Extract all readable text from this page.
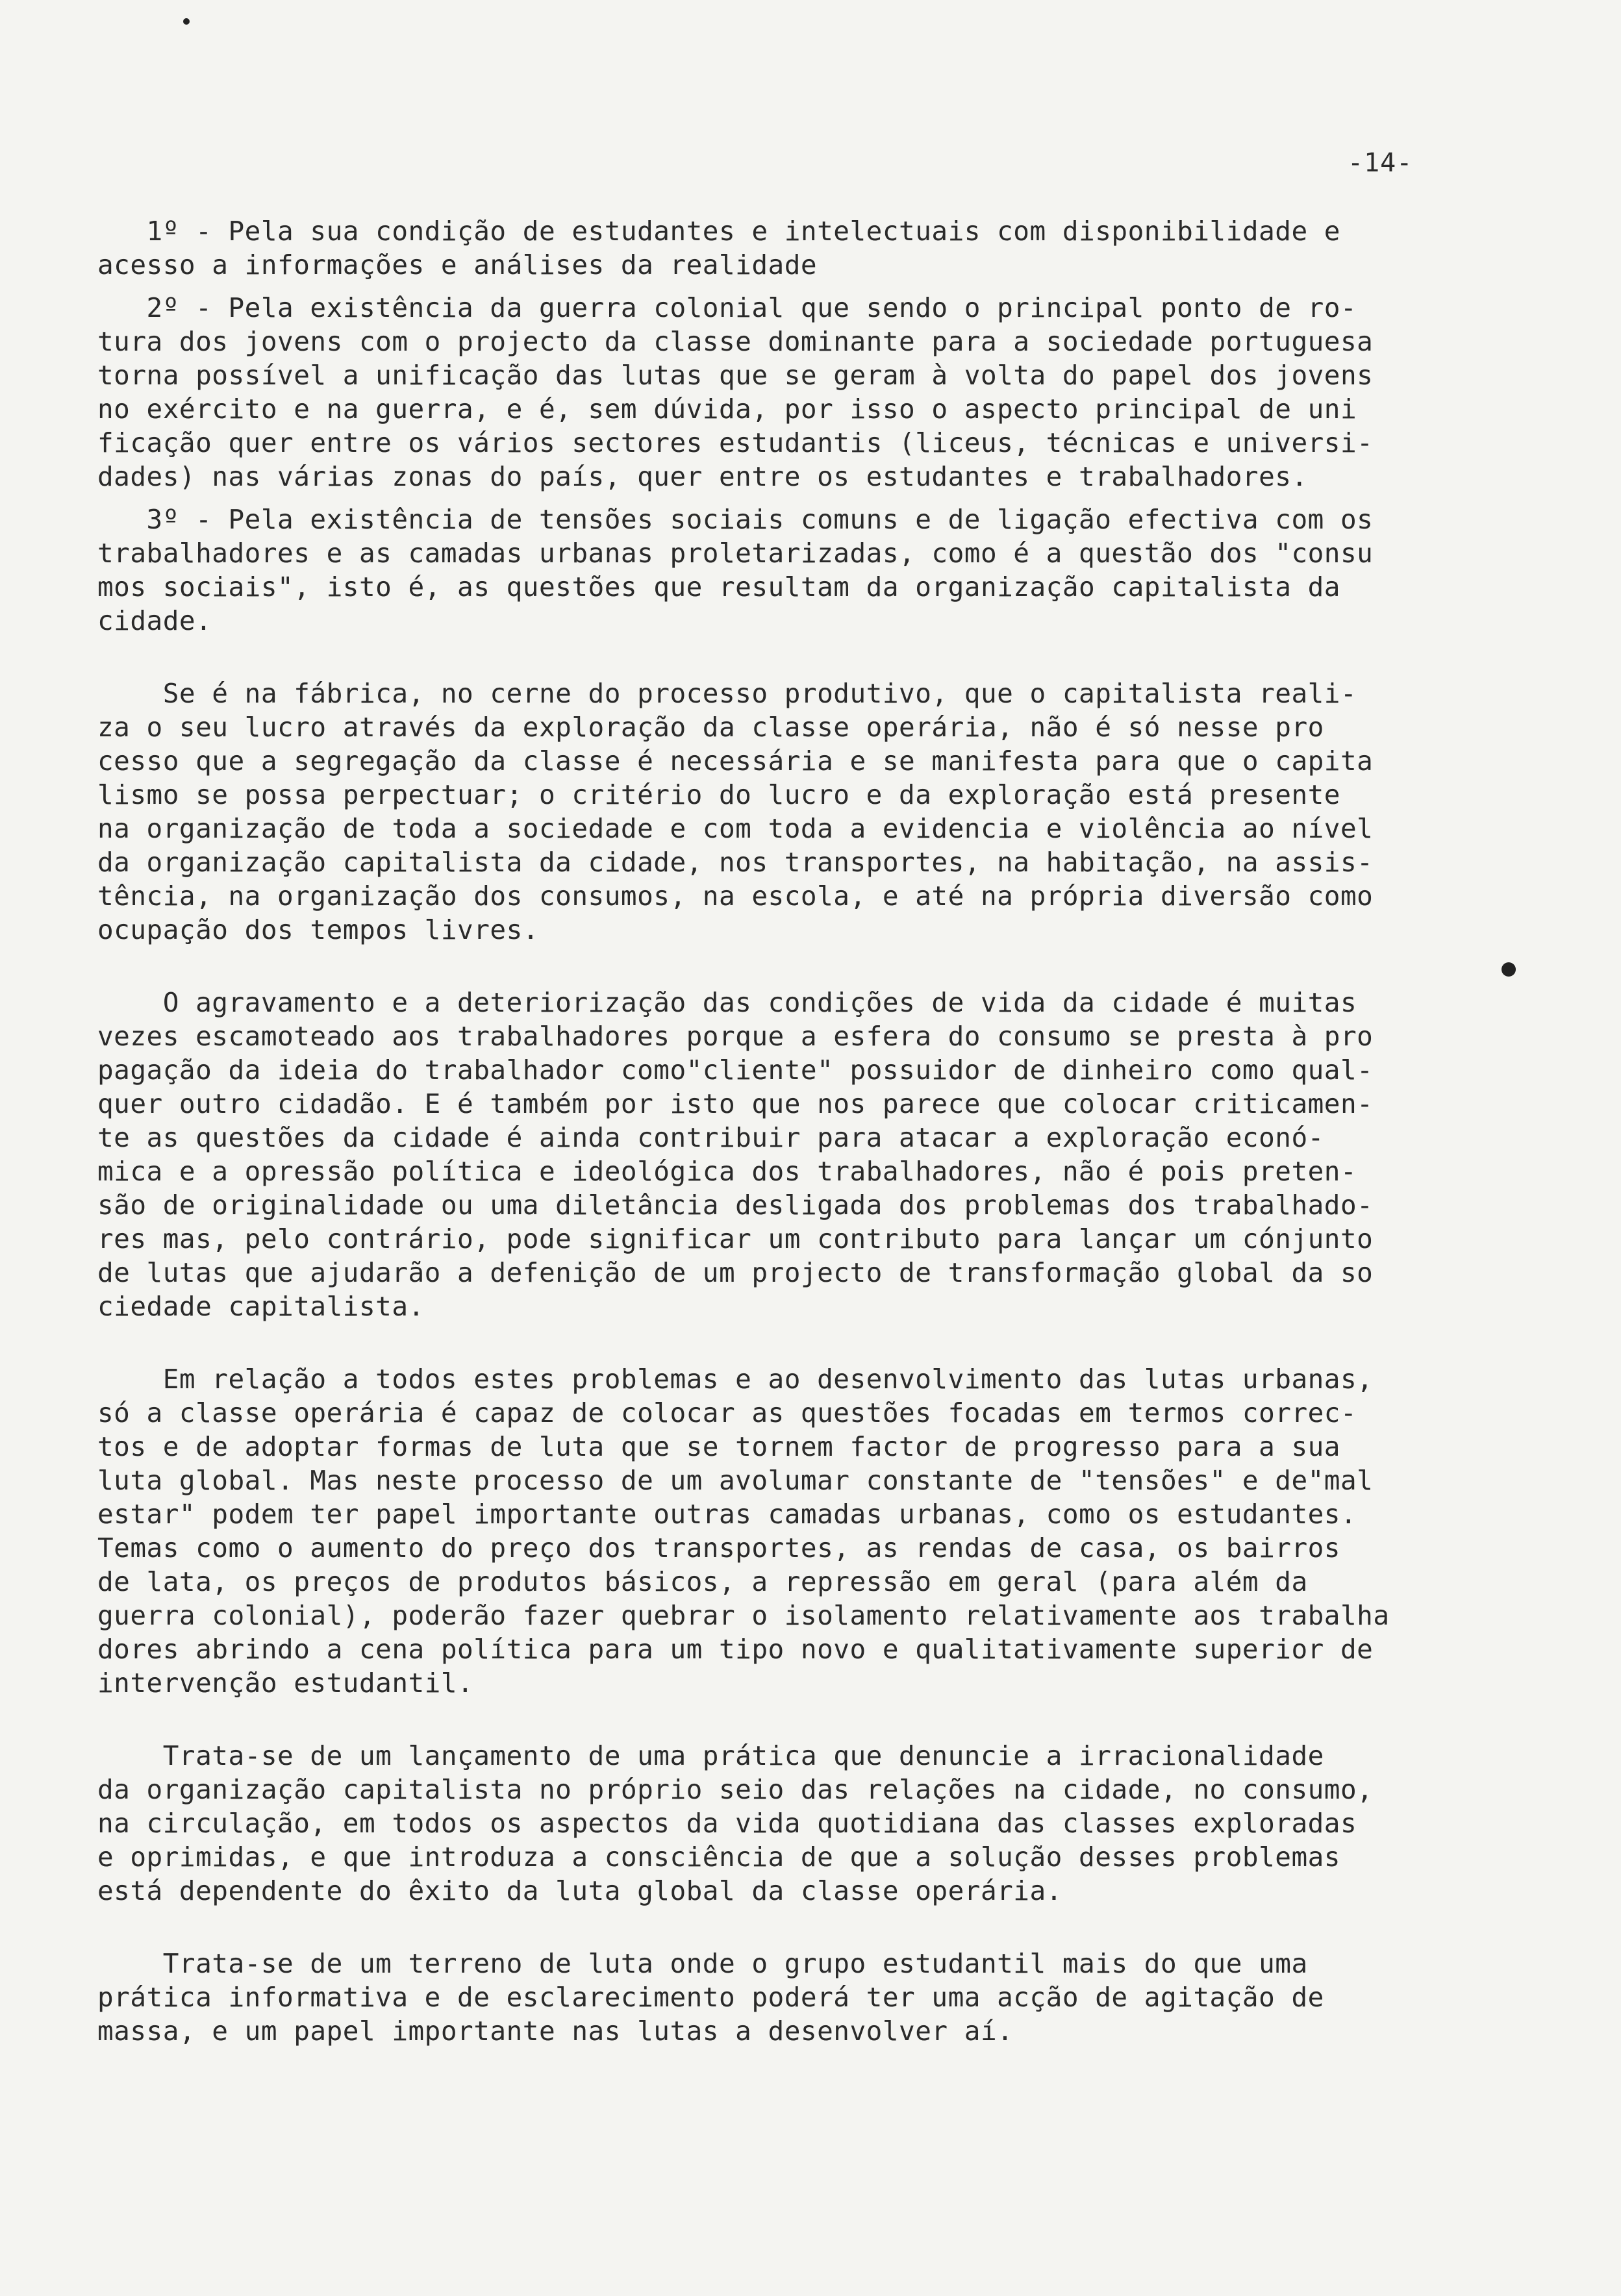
-14-

1º - Pela sua condição de estudantes e intelectuais com disponibilidade e
acesso a informações e análises da realidade

2º - Pela existência da guerra colonial que sendo o principal ponto de ro-
tura dos jovens com o projecto da classe dominante para a sociedade portuguesa
torna possível a unificação das lutas que se geram à volta do papel dos jovens
no exército e na guerra, e é, sem dúvida, por isso o aspecto principal de uni
ficação quer entre os vários sectores estudantis (liceus, técnicas e universi-
dades) nas várias zonas do país, quer entre os estudantes e trabalhadores.

3º - Pela existência de tensões sociais comuns e de ligação efectiva com os
trabalhadores e as camadas urbanas proletarizadas, como é a questão dos "consu
mos sociais", isto é, as questões que resultam da organização capitalista da
cidade.

Se é na fábrica, no cerne do processo produtivo, que o capitalista reali-
za o seu lucro através da exploração da classe operária, não é só nesse pro
cesso que a segregação da classe é necessária e se manifesta para que o capita
lismo se possa perpectuar; o critério do lucro e da exploração está presente
na organização de toda a sociedade e com toda a evidencia e violência ao nível
da organização capitalista da cidade, nos transportes, na habitação, na assis-
tência, na organização dos consumos, na escola, e até na própria diversão como
ocupação dos tempos livres.

O agravamento e a deteriorização das condições de vida da cidade é muitas
vezes escamoteado aos trabalhadores porque a esfera do consumo se presta à pro
pagação da ideia do trabalhador como"cliente" possuidor de dinheiro como qual-
quer outro cidadão. E é também por isto que nos parece que colocar criticamen-
te as questões da cidade é ainda contribuir para atacar a exploração econó-
mica e a opressão política e ideológica dos trabalhadores, não é pois preten-
são de originalidade ou uma diletância desligada dos problemas dos trabalhado-
res mas, pelo contrário, pode significar um contributo para lançar um cónjunto
de lutas que ajudarão a defenição de um projecto de transformação global da so
ciedade capitalista.

Em relação a todos estes problemas e ao desenvolvimento das lutas urbanas,
só a classe operária é capaz de colocar as questões focadas em termos correc-
tos e de adoptar formas de luta que se tornem factor de progresso para a sua
luta global. Mas neste processo de um avolumar constante de "tensões" e de"mal
estar" podem ter papel importante outras camadas urbanas, como os estudantes.
Temas como o aumento do preço dos transportes, as rendas de casa, os bairros
de lata, os preços de produtos básicos, a repressão em geral (para além da
guerra colonial), poderão fazer quebrar o isolamento relativamente aos trabalha
dores abrindo a cena política para um tipo novo e qualitativamente superior de
intervenção estudantil.

Trata-se de um lançamento de uma prática que denuncie a irracionalidade
da organização capitalista no próprio seio das relações na cidade, no consumo,
na circulação, em todos os aspectos da vida quotidiana das classes exploradas
e oprimidas, e que introduza a consciência de que a solução desses problemas
está dependente do êxito da luta global da classe operária.

Trata-se de um terreno de luta onde o grupo estudantil mais do que uma
prática informativa e de esclarecimento poderá ter uma acção de agitação de
massa, e um papel importante nas lutas a desenvolver aí.
